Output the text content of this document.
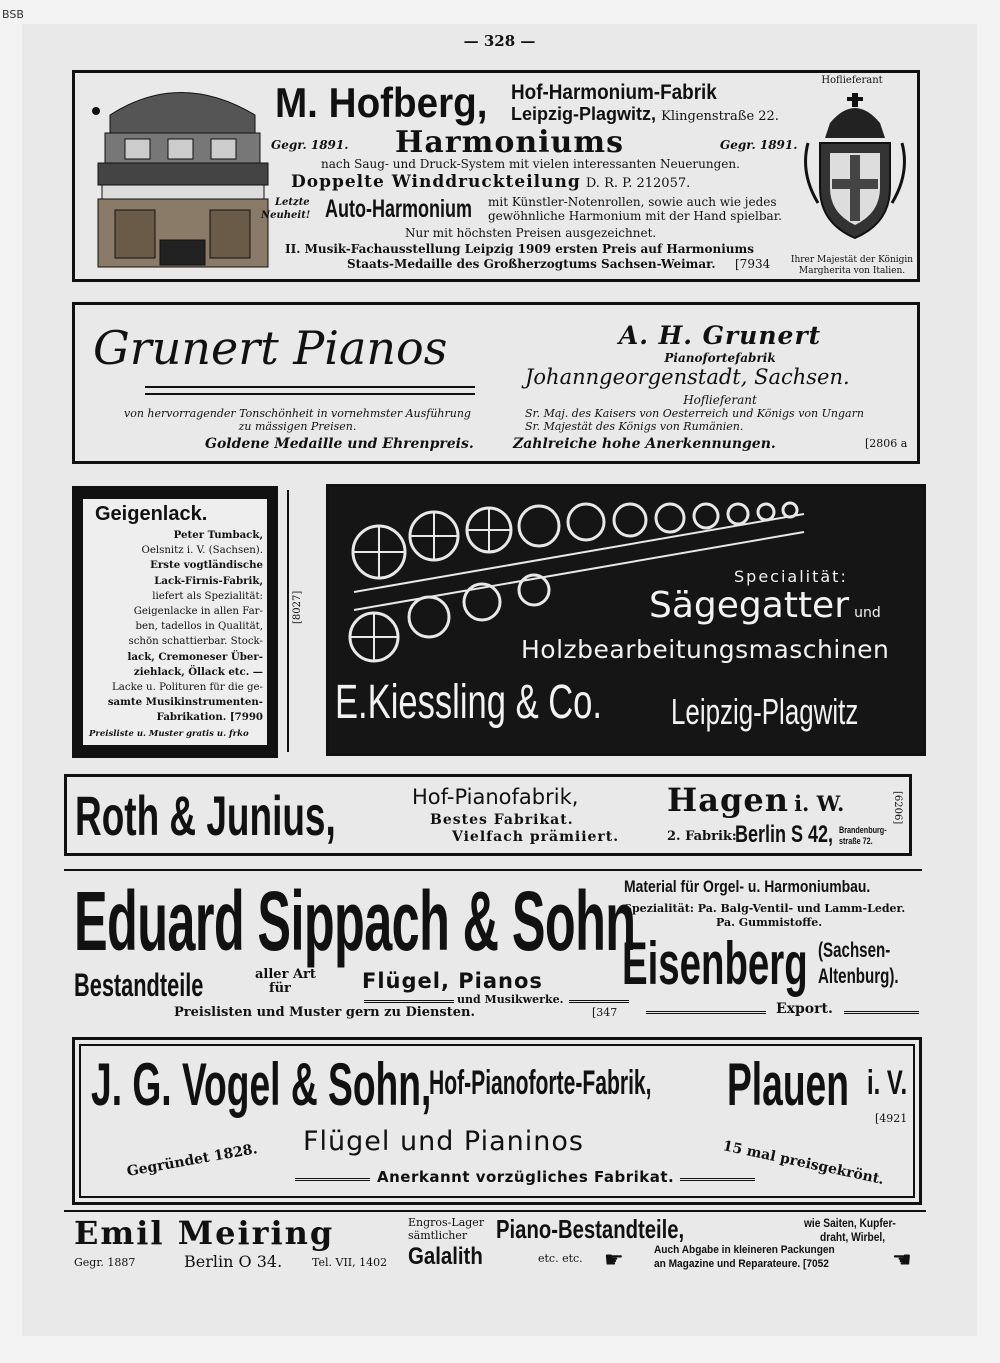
BSB
— 328 —
M. Hofberg, Hof-Harmonium-Fabrik
Leipzig-Plagwitz, Klingenstraße 22.
Gegr. 1891. Harmoniums	Gegr. 1891.
nach Saug- und Druck-System mit vielen interessanten Neuerungen.
Doppelte Winddruckteilung D. R. P. 212057.
Letzte
Neuheit! Auto-Harmonium mit Künstler-Notenrollen, sowie auch wie jedes
gewöhnliche Harmonium mit der Hand spielbar.
Nur mit höchsten Preisen ausgezeichnet.
II. Musik-Fachausstellung Leipzig 1909 ersten Preis auf Harmoniums
Staats-Medaille des Großherzogtums Sachsen-Weimar. [7934
Hoflieferant
Ihrer Majestät der Königin
Margherita von Italien.
Grunert Pianos	A. H. Grunert
Pianofortefabrik
Johanngeorgenstadt, Sachsen.
Hoflieferant
von hervorragender Tonschönheit in vornehmster Ausführung
zu mässigen Preisen.
Sr. Maj. des Kaisers von Oesterreich und Königs von Ungarn
Sr. Majestät des Königs von Rumänien.
Goldene Medaille und Ehrenpreis.	Zahlreiche hohe Anerkennungen.	[2806 a
Geigenlack.
Peter Tumback,
Oelsnitz i. V. (Sachsen).
Erste vogtländische
Lack-Firnis-Fabrik,
liefert als Spezialität:
Geigenlacke in allen Far-
ben, tadellos in Qualität,
schön schattierbar. Stock-
lack, Cremoneser Über-
ziehlack, Öllack etc. —
Lacke u. Polituren für die ge-
samte Musikinstrumenten-
Fabrikation. [7990
Preisliste u. Muster gratis u. frko
[8027]
Specialität:
Sägegatter und
Holzbearbeitungsmaschinen
E.Kiessling & Co. Leipzig-Plagwitz
Roth & Junius,	Hof-Pianofabrik,
Bestes Fabrikat.
Vielfach prämiiert.
Hagen i. W.
2. Fabrik:
Berlin S 42, Brandenburg-
straße 72.
[6206]
Eduard Sippach & Sohn
Bestandteile	aller Art
für	Flügel, Pianos
und Musikwerke.
Preislisten und Muster gern zu Diensten.	[347
Material für Orgel- u. Harmoniumbau.
Spezialität: Pa. Balg-Ventil- und Lamm-Leder.
Pa. Gummistoffe.
Eisenberg (Sachsen-
Altenburg).
Export.
J. G. Vogel & Sohn,
Hof-Pianoforte-Fabrik, Plauen i. V.
[4921
Gegründet 1828. Flügel und Pianinos	15 mal preisgekrönt.
Anerkannt vorzügliches Fabrikat.
Emil Meiring
Gegr. 1887	Berlin O 34.	Tel. VII, 1402
Engros-Lager
sämtlicher Piano-Bestandteile,	wie Saiten, Kupfer-
draht, Wirbel,
Galalith	etc. etc. ☛	Auch Abgabe in kleineren Packungen
an Magazine und Reparateure. [7052	☛
